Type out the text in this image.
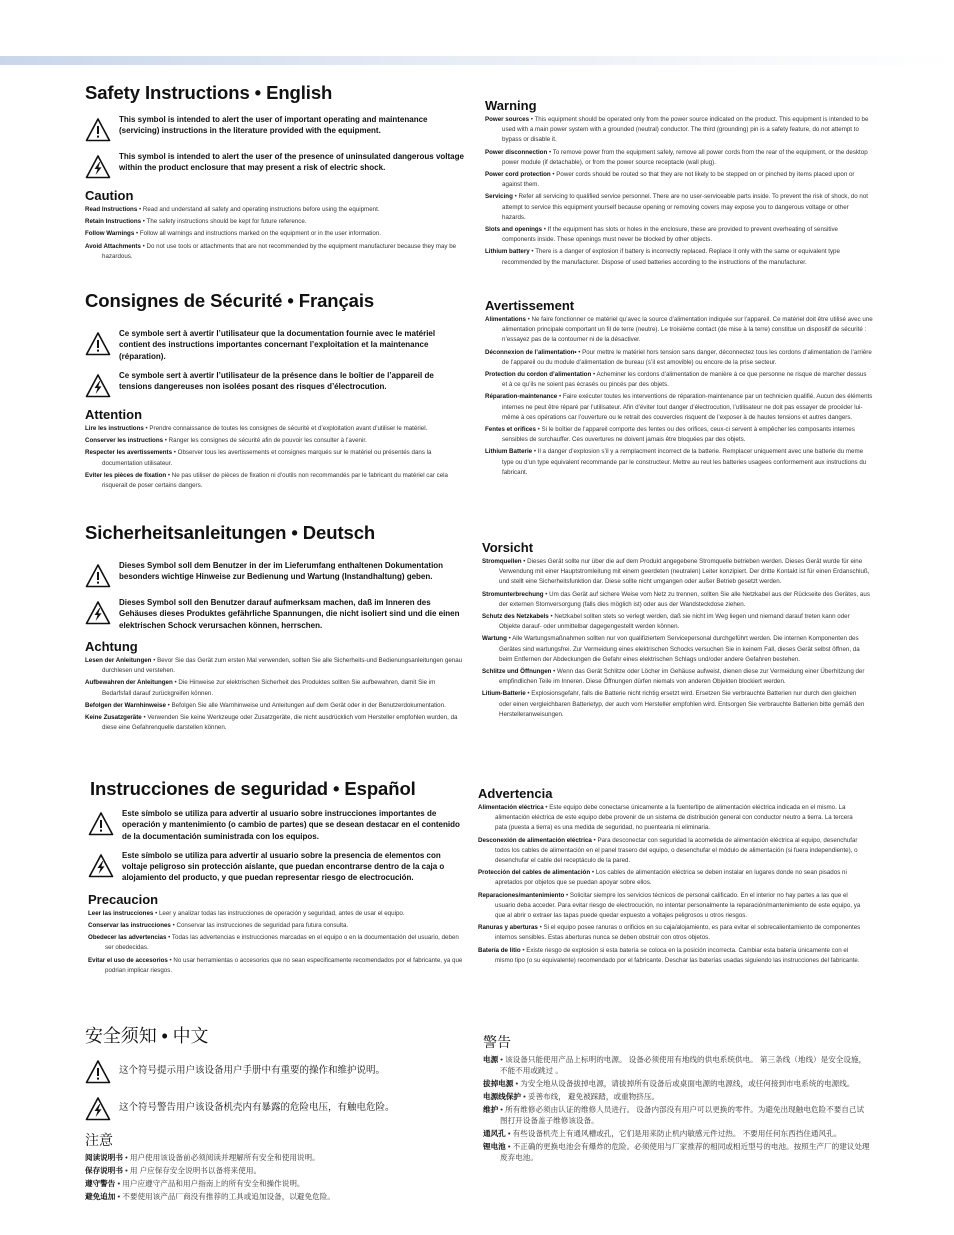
Safety Instructions • English
This symbol is intended to alert the user of important operating and maintenance (servicing) instructions in the literature provided with the equipment.
This symbol is intended to alert the user of the presence of uninsulated dangerous voltage within the product enclosure that may present a risk of electric shock.
Caution

Read Instructions • Read and understand all safety and operating instructions before using the equipment.

Retain Instructions • The safety instructions should be kept for future reference.

Follow Warnings • Follow all warnings and instructions marked on the equipment or in the user information.

Avoid Attachments • Do not use tools or attachments that are not recommended by the equipment manufacturer because they may be hazardous.

Warning

Power sources • This equipment should be operated only from the power source indicated on the product. This equipment is intended to be used with a main power system with a grounded (neutral) conductor. The third (grounding) pin is a safety feature, do not attempt to bypass or disable it.

Power disconnection • To remove power from the equipment safely, remove all power cords from the rear of the equipment, or the desktop power module (if detachable), or from the power source receptacle (wall plug).

Power cord protection • Power cords should be routed so that they are not likely to be stepped on or pinched by items placed upon or against them.

Servicing • Refer all servicing to qualified service personnel. There are no user-serviceable parts inside. To prevent the risk of shock, do not attempt to service this equipment yourself because opening or removing covers may expose you to dangerous voltage or other hazards.

Slots and openings • If the equipment has slots or holes in the enclosure, these are provided to prevent overheating of sensitive components inside. These openings must never be blocked by other objects.

Lithium battery • There is a danger of explosion if battery is incorrectly replaced. Replace it only with the same or equivalent type recommended by the manufacturer. Dispose of used batteries according to the instructions of the manufacturer.

Consignes de Sécurité • Français
Ce symbole sert à avertir l’utilisateur que la documentation fournie avec le matériel contient des instructions importantes concernant l’exploitation et la maintenance (réparation).
Ce symbole sert à avertir l’utilisateur de la présence dans le boîtier de l’appareil de tensions dangereuses non isolées posant des risques d’électrocution.
Attention

Lire les instructions • Prendre connaissance de toutes les consignes de sécurité et d’exploitation avant d’utiliser le matériel.

Conserver les instructions • Ranger les consignes de sécurité afin de pouvoir les consulter à l’avenir.

Respecter les avertissements • Observer tous les avertissements et consignes marqués sur le matériel ou présentés dans la documentation utilisateur.

Eviter les pièces de fixation • Ne pas utiliser de pièces de fixation ni d’outils non recommandés par le fabricant du matériel car cela risquerait de poser certains dangers.

Avertissement

Alimentations • Ne faire fonctionner ce matériel qu’avec la source d’alimentation indiquée sur l’appareil. Ce matériel doit être utilisé avec une alimentation principale comportant un fil de terre (neutre). Le troisième contact (de mise à la terre) constitue un dispositif de sécurité : n’essayez pas de la contourner ni de la désactiver.

Déconnexion de l’alimentation• • Pour mettre le matériel hors tension sans danger, déconnectez tous les cordons d’alimentation de l’arrière de l’appareil ou du module d’alimentation de bureau (s’il est amovible) ou encore de la prise secteur.

Protection du cordon d’alimentation • Acheminer les cordons d’alimentation de manière à ce que personne ne risque de marcher dessus et à ce qu’ils ne soient pas écrasés ou pincés par des objets.

Réparation-maintenance • Faire exécuter toutes les interventions de réparation-maintenance par un technicien qualifié. Aucun des éléments internes ne peut être réparé par l’utilisateur. Afin d’éviter tout danger d’électrocution, l’utilisateur ne doit pas essayer de procéder lui-même à ces opérations car l’ouverture ou le retrait des couvercles risquent de l’exposer à de hautes tensions et autres dangers.

Fentes et orifices • Si le boîtier de l’appareil comporte des fentes ou des orifices, ceux-ci servent à empêcher les composants internes sensibles de surchauffer. Ces ouvertures ne doivent jamais être bloquées par des objets.

Lithium Batterie • Il a danger d’explosion s’il y a remplacment incorrect de la batterie. Remplacer uniquement avec une batterie du meme type ou d’un type equivalent recommande par le constructeur. Mettre au reut les batteries usagees conformement aux instructions du fabricant.

Sicherheitsanleitungen • Deutsch
Dieses Symbol soll dem Benutzer in der im Lieferumfang enthaltenen Dokumentation besonders wichtige Hinweise zur Bedienung und Wartung (Instandhaltung) geben.
Dieses Symbol soll den Benutzer darauf aufmerksam machen, daß im Inneren des Gehäuses dieses Produktes gefährliche Spannungen, die nicht isoliert sind und die einen elektrischen Schock verursachen können, herrschen.
Achtung

Lesen der Anleitungen • Bevor Sie das Gerät zum ersten Mal verwenden, sollten Sie alle Sicherheits-und Bedienungsanleitungen genau durchlesen und verstehen.

Aufbewahren der Anleitungen • Die Hinweise zur elektrischen Sicherheit des Produktes sollten Sie aufbewahren, damit Sie im Bedarfsfall darauf zurückgreifen können.

Befolgen der Warnhinweise • Befolgen Sie alle Warnhinweise und Anleitungen auf dem Gerät oder in der Benutzerdokumentation.

Keine Zusatzgeräte • Verwenden Sie keine Werkzeuge oder Zusatzgeräte, die nicht ausdrücklich vom Hersteller empfohlen wurden, da diese eine Gefahrenquelle darstellen können.

Vorsicht

Stromquellen • Dieses Gerät sollte nur über die auf dem Produkt angegebene Stromquelle betrieben werden. Dieses Gerät wurde für eine Verwendung mit einer Hauptstromleitung mit einem geerdeten (neutralen) Leiter konzipiert. Der dritte Kontakt ist für einen Erdanschluß, und stellt eine Sicherheitsfunktion dar. Diese sollte nicht umgangen oder außer Betrieb gesetzt werden.

Stromunterbrechung • Um das Gerät auf sichere Weise vom Netz zu trennen, sollten Sie alle Netzkabel aus der Rückseite des Gerätes, aus der externen Stomversorgung (falls dies möglich ist) oder aus der Wandsteckdose ziehen.

Schutz des Netzkabels • Netzkabel sollten stets so verlegt werden, daß sie nicht im Weg liegen und niemand darauf treten kann oder Objekte darauf- oder unmittelbar dagegengestellt werden können.

Wartung • Alle Wartungsmaßnahmen sollten nur von qualifiziertem Servicepersonal durchgeführt werden. Die internen Komponenten des Gerätes sind wartungsfrei. Zur Vermeidung eines elektrischen Schocks versuchen Sie in keinem Fall, dieses Gerät selbst öffnen, da beim Entfernen der Abdeckungen die Gefahr eines elektrischen Schlags und/oder andere Gefahren bestehen.

Schlitze und Öffnungen • Wenn das Gerät Schlitze oder Löcher im Gehäuse aufweist, dienen diese zur Vermeidung einer Überhitzung der empfindlichen Teile im Inneren. Diese Öffnungen dürfen niemals von anderen Objekten blockiert werden.

Litium-Batterie • Explosionsgefahr, falls die Batterie nicht richtig ersetzt wird. Ersetzen Sie verbrauchte Batterien nur durch den gleichen oder einen vergleichbaren Batterietyp, der auch vom Hersteller empfohlen wird. Entsorgen Sie verbrauchte Batterien bitte gemäß den Herstelleranweisungen.

Instrucciones de seguridad • Español
Este símbolo se utiliza para advertir al usuario sobre instrucciones importantes de operación y mantenimiento (o cambio de partes) que se desean destacar en el contenido de la documentación suministrada con los equipos.
Este símbolo se utiliza para advertir al usuario sobre la presencia de elementos con voltaje peligroso sin protección aislante, que puedan encontrarse dentro de la caja o alojamiento del producto, y que puedan representar riesgo de electrocución.
Precaucion

Leer las instrucciones • Leer y analizar todas las instrucciones de operación y seguridad, antes de usar el equipo.

Conservar las instrucciones • Conservar las instrucciones de seguridad para futura consulta.

Obedecer las advertencias • Todas las advertencias e instrucciones marcadas en el equipo o en la documentación del usuario, deben ser obedecidas.

Evitar el uso de accesorios • No usar herramientas o accesorios que no sean especificamente recomendados por el fabricante, ya que podrian implicar riesgos.

Advertencia

Alimentación eléctrica • Este equipo debe conectarse únicamente a la fuente/tipo de alimentación eléctrica indicada en el mismo. La alimentación eléctrica de este equipo debe provenir de un sistema de distribución general con conductor neutro a tierra. La tercera pata (puesta a tierra) es una medida de seguridad, no puentearia ni eliminaria.

Desconexión de alimentación eléctrica • Para desconectar con seguridad la acometida de alimentación eléctrica al equipo, desenchufar todos los cables de alimentación en el panel trasero del equipo, o desenchufar el módulo de alimentación (si fuera independiente), o desenchufar el cable del receptáculo de la pared.

Protección del cables de alimentación • Los cables de alimentación eléctrica se deben instalar en lugares donde no sean pisados ni apretados por objetos que se puedan apoyar sobre ellos.

Reparaciones/mantenimiento • Solicitar siempre los servicios técnicos de personal calificado. En el interior no hay partes a las que el usuario deba acceder. Para evitar riesgo de electrocución, no intentar personalmente la reparación/mantenimiento de este equipo, ya que al abrir o extraer las tapas puede quedar expuesto a voltajes peligrosos u otros riesgos.

Ranuras y aberturas • Si el equipo posee ranuras o orificios en su caja/alojamiento, es para evitar el sobrecalientamiento de componentes internos sensibles. Estas aberturas nunca se deben obstruir con otros objetos.

Batería de litio • Existe riesgo de explosión si esta batería se coloca en la posición incorrecta. Cambiar esta batería únicamente con el mismo tipo (o su equivalente) recomendado por el fabricante. Deschar las baterías usadas siguiendo las instrucciones del fabricante.

安全须知 • 中文
这个符号提示用户该设备用户手册中有重要的操作和维护说明。
这个符号警告用户该设备机壳内有暴露的危险电压，有触电危险。
注意

阅读说明书 • 用户使用该设备前必须阅读并理解所有安全和使用说明。

保存说明书 • 用 户应保存安全说明书以备将来使用。

遵守警告 • 用户应遵守产品和用户指南上的所有安全和操作说明。

避免追加 • 不要使用该产品厂商没有推荐的工具或追加设备，以避免危险。

警告

电源 • 该设备只能使用产品上标明的电源。 设备必须使用有地线的供电系统供电。 第三条线（地线）是安全设施，不能不用或跳过 。

拔掉电源 • 为安全地从设备拔掉电源，请拔掉所有设备后或桌面电源的电源线，或任何接到市电系统的电源线。

电源线保护 • 妥善布线， 避免被踩踏，或重物挤压。

维护 • 所有维修必须由认证的维修人员进行。 设备内部没有用户可以更换的零件。为避免出现触电危险不要自己试图打开设备盖子维修该设备。

通风孔 • 有些设备机壳上有通风槽或孔，它们是用来防止机内敏感元件过热。 不要用任何东西挡住通风孔。

锂电池 • 不正确的更换电池会有爆炸的危险。必须使用与厂家推荐的相同或相近型号的电池。按照生产厂的建议处理废弃电池。
